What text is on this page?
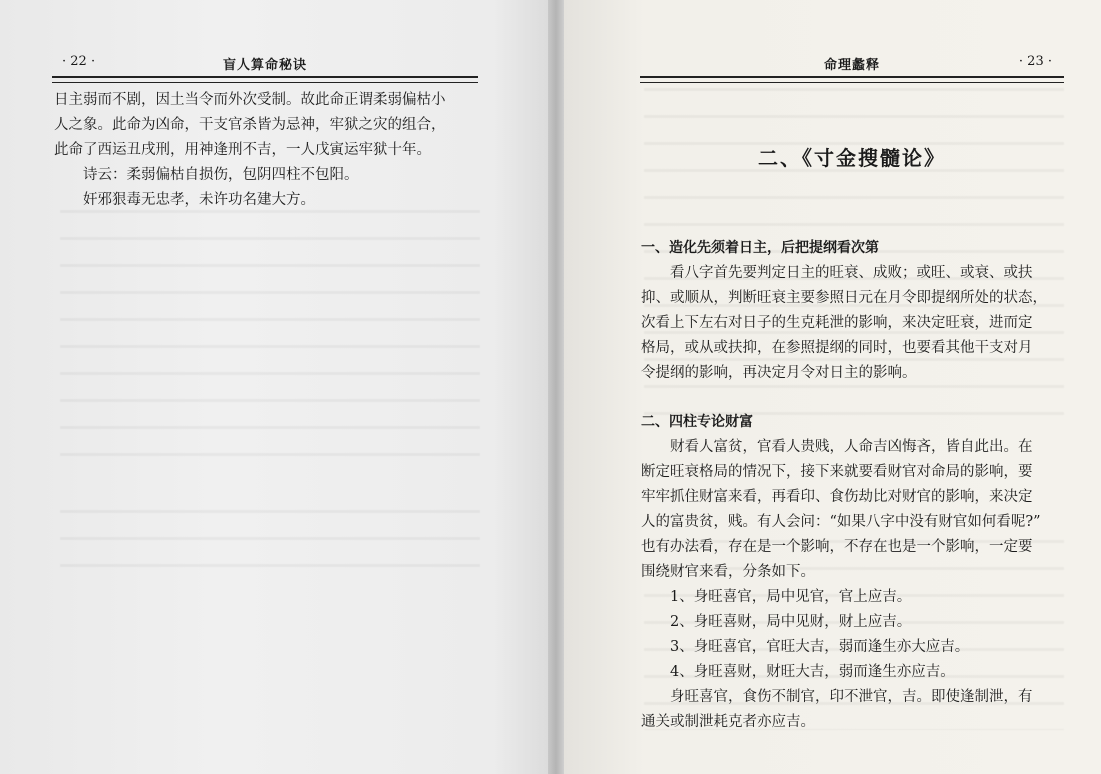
· 22 ·	盲人算命秘诀

日主弱而不剧，因土当令而外次受制。故此命正谓柔弱偏枯小

人之象。此命为凶命，干支官杀皆为忌神，牢狱之灾的组合，

此命了西运丑戌刑，用神逢刑不吉，一人戊寅运牢狱十年。

诗云：柔弱偏枯自损伤，包阴四柱不包阳。

奸邪狠毒无忠孝，未许功名建大方。

命理蠡释	· 23 ·
二、《寸金搜髓论》

一、造化先须着日主，后把提纲看次第

看八字首先要判定日主的旺衰、成败；或旺、或衰、或扶

抑、或顺从，判断旺衰主要参照日元在月令即提纲所处的状态，

次看上下左右对日子的生克耗泄的影响，来决定旺衰，进而定

格局，或从或扶抑，在参照提纲的同时，也要看其他干支对月

令提纲的影响，再决定月令对日主的影响。

二、四柱专论财富

财看人富贫，官看人贵贱，人命吉凶悔吝，皆自此出。在

断定旺衰格局的情况下，接下来就要看财官对命局的影响，要

牢牢抓住财富来看，再看印、食伤劫比对财官的影响，来决定

人的富贵贫，贱。有人会问：“如果八字中没有财官如何看呢?”

也有办法看，存在是一个影响，不存在也是一个影响，一定要

围绕财官来看，分条如下。

1、身旺喜官，局中见官，官上应吉。

2、身旺喜财，局中见财，财上应吉。

3、身旺喜官，官旺大吉，弱而逢生亦大应吉。

4、身旺喜财，财旺大吉，弱而逢生亦应吉。

身旺喜官，食伤不制官，印不泄官，吉。即使逢制泄，有

通关或制泄耗克者亦应吉。
